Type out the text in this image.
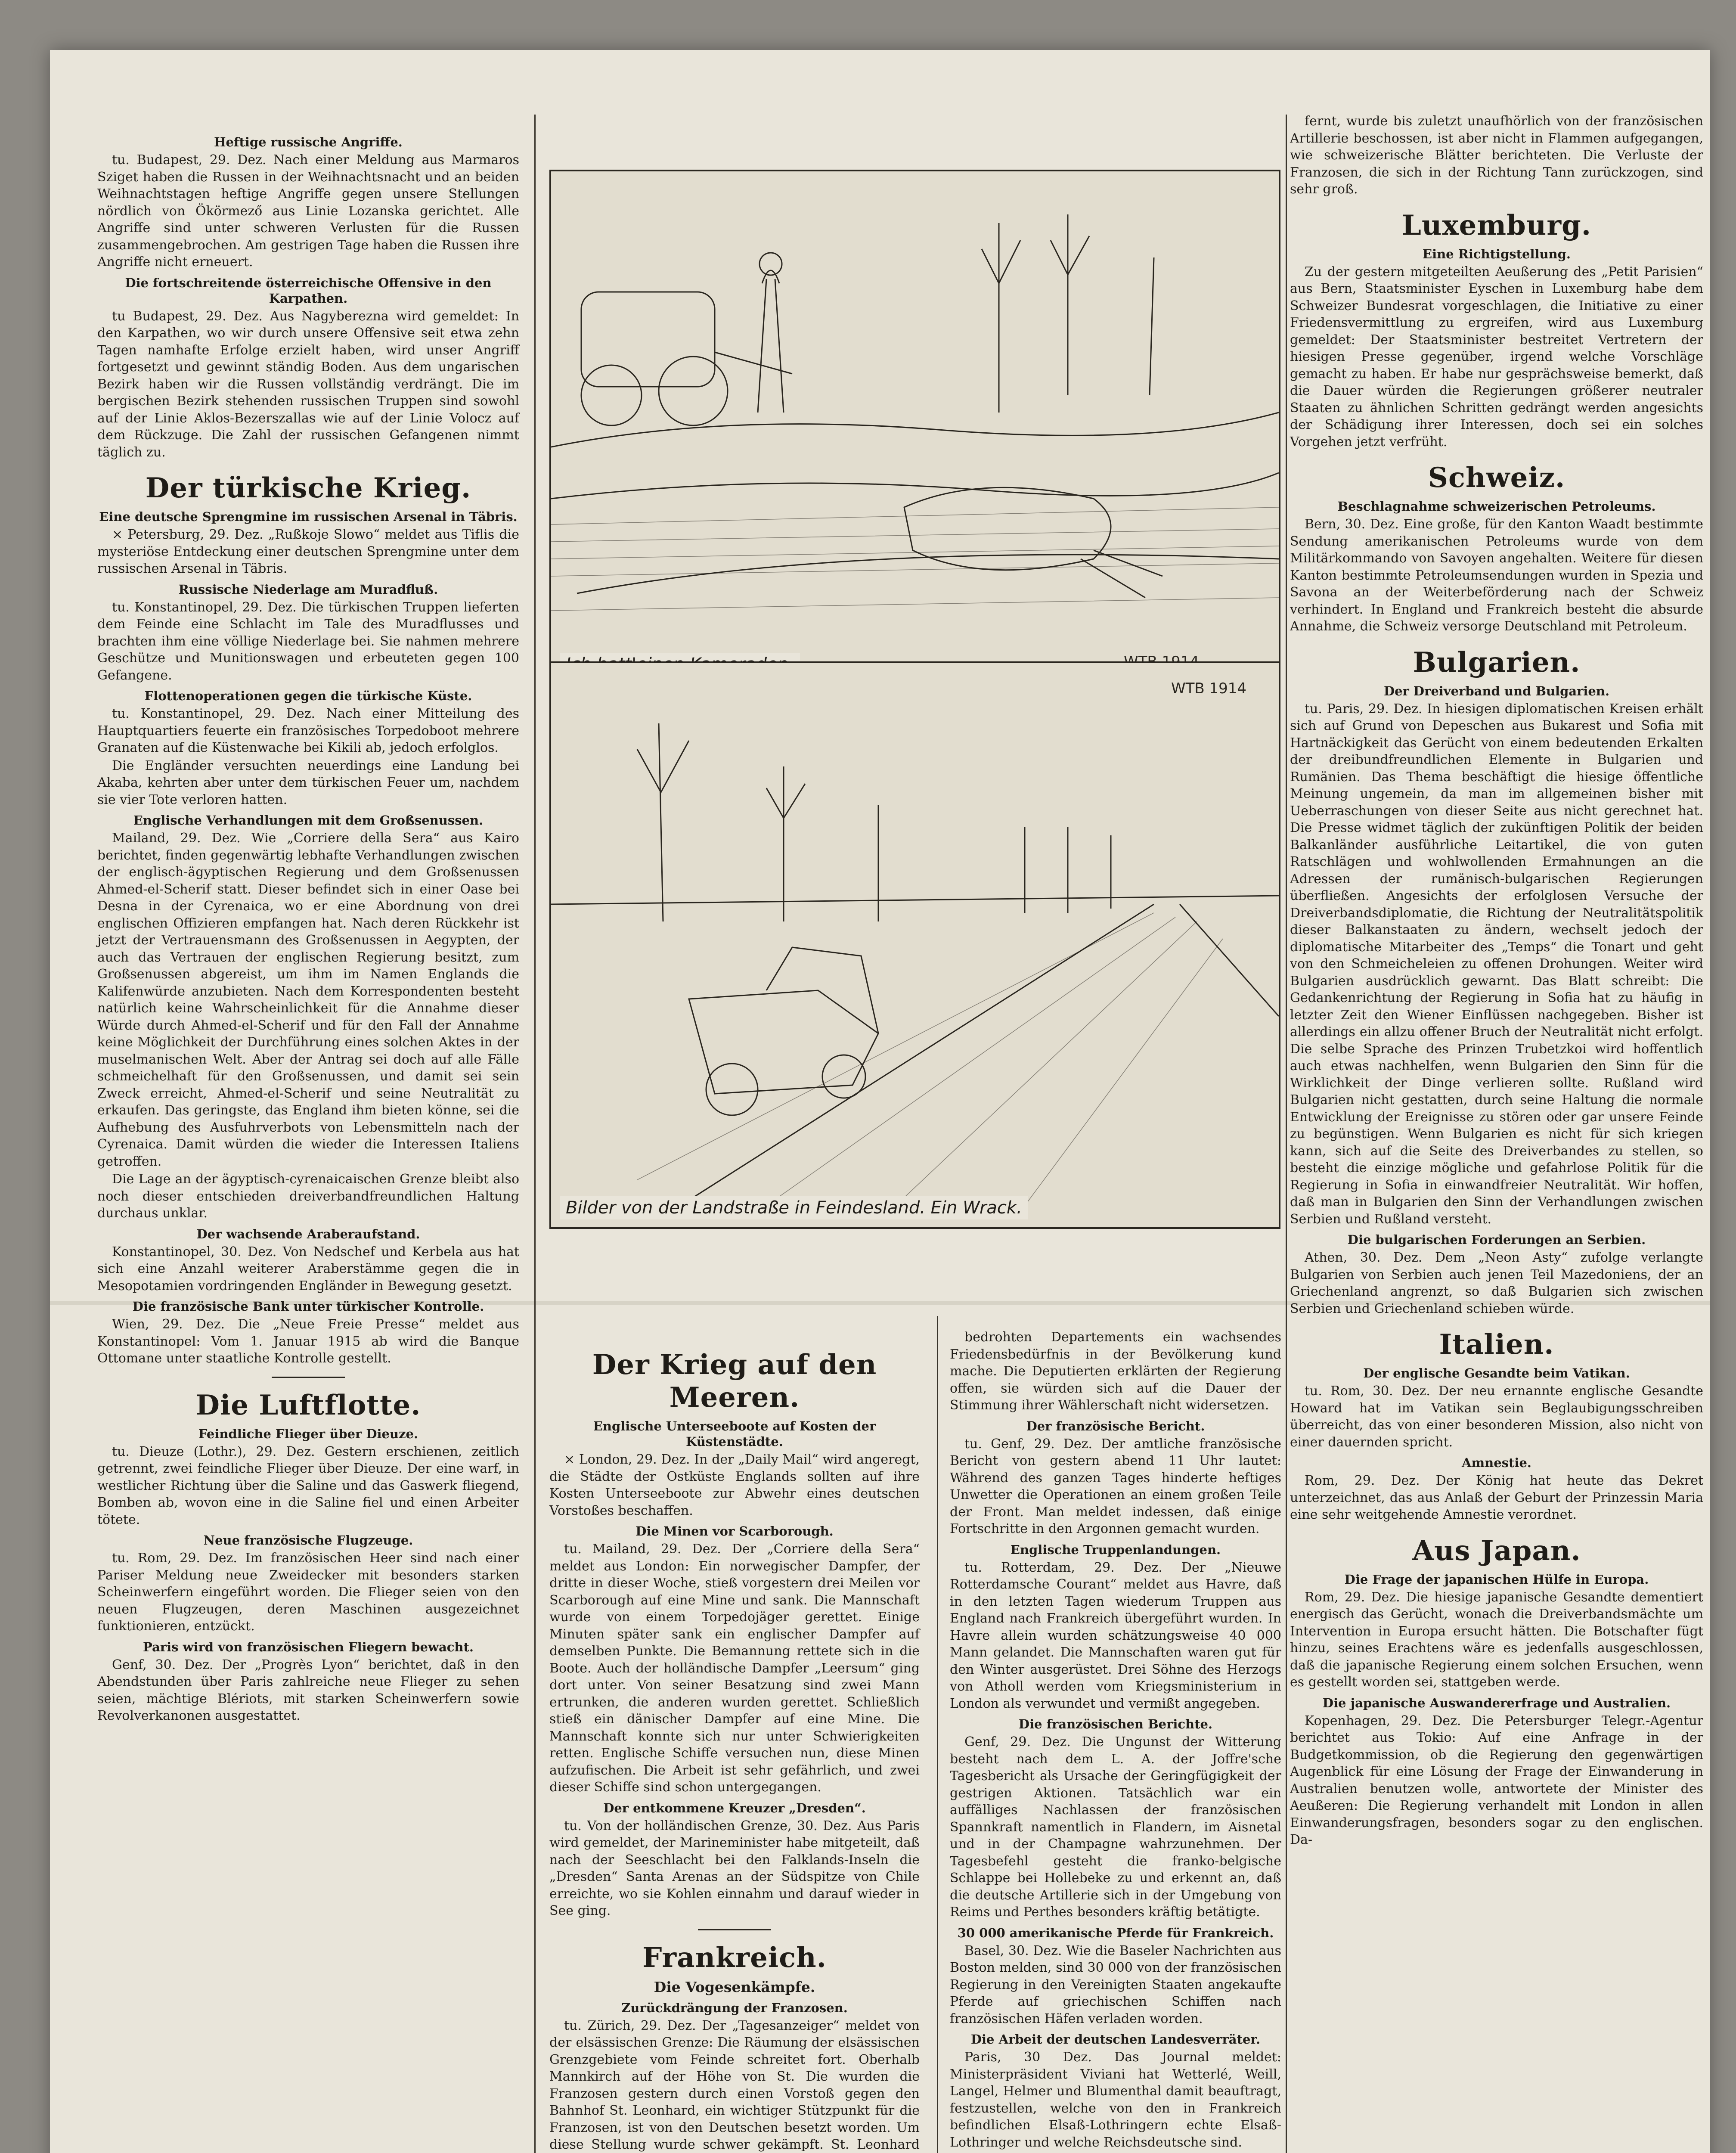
Heftige russische Angriffe.

tu. Budapest, 29. Dez. Nach einer Meldung aus Marmaros Sziget haben die Russen in der Weihnachtsnacht und an beiden Weihnachtstagen heftige Angriffe gegen unsere Stellungen nördlich von Ökörmező aus Linie Lozanska gerichtet. Alle Angriffe sind unter schweren Verlusten für die Russen zusammengebrochen. Am gestrigen Tage haben die Russen ihre Angriffe nicht erneuert.

Die fortschreitende österreichische Offensive in den Karpathen.

tu Budapest, 29. Dez. Aus Nagyberezna wird gemeldet: In den Karpathen, wo wir durch unsere Offensive seit etwa zehn Tagen namhafte Erfolge erzielt haben, wird unser Angriff fortgesetzt und gewinnt ständig Boden. Aus dem ungarischen Bezirk haben wir die Russen vollständig verdrängt. Die im bergischen Bezirk stehenden russischen Truppen sind sowohl auf der Linie Aklos-Bezerszallas wie auf der Linie Volocz auf dem Rückzuge. Die Zahl der russischen Gefangenen nimmt täglich zu.

Der türkische Krieg.
Eine deutsche Sprengmine im russischen Arsenal in Täbris.

× Petersburg, 29. Dez. „Rußkoje Slowo“ meldet aus Tiflis die mysteriöse Entdeckung einer deutschen Sprengmine unter dem russischen Arsenal in Täbris.

Russische Niederlage am Muradfluß.

tu. Konstantinopel, 29. Dez. Die türkischen Truppen lieferten dem Feinde eine Schlacht im Tale des Muradflusses und brachten ihm eine völlige Niederlage bei. Sie nahmen mehrere Geschütze und Munitionswagen und erbeuteten gegen 100 Gefangene.

Flottenoperationen gegen die türkische Küste.

tu. Konstantinopel, 29. Dez. Nach einer Mitteilung des Hauptquartiers feuerte ein französisches Torpedoboot mehrere Granaten auf die Küstenwache bei Kikili ab, jedoch erfolglos.

Die Engländer versuchten neuerdings eine Landung bei Akaba, kehrten aber unter dem türkischen Feuer um, nachdem sie vier Tote verloren hatten.

Englische Verhandlungen mit dem Großsenussen.

Mailand, 29. Dez. Wie „Corriere della Sera“ aus Kairo berichtet, finden gegenwärtig lebhafte Verhandlungen zwischen der englisch-ägyptischen Regierung und dem Großsenussen Ahmed-el-Scherif statt. Dieser befindet sich in einer Oase bei Desna in der Cyrenaica, wo er eine Abordnung von drei englischen Offizieren empfangen hat. Nach deren Rückkehr ist jetzt der Vertrauensmann des Großsenussen in Aegypten, der auch das Vertrauen der englischen Regierung besitzt, zum Großsenussen abgereist, um ihm im Namen Englands die Kalifenwürde anzubieten. Nach dem Korrespondenten besteht natürlich keine Wahrscheinlichkeit für die Annahme dieser Würde durch Ahmed-el-Scherif und für den Fall der Annahme keine Möglichkeit der Durchführung eines solchen Aktes in der muselmanischen Welt. Aber der Antrag sei doch auf alle Fälle schmeichelhaft für den Großsenussen, und damit sei sein Zweck erreicht, Ahmed-el-Scherif und seine Neutralität zu erkaufen. Das geringste, das England ihm bieten könne, sei die Aufhebung des Ausfuhrverbots von Lebensmitteln nach der Cyrenaica. Damit würden die wieder die Interessen Italiens getroffen.

Die Lage an der ägyptisch-cyrenaicaischen Grenze bleibt also noch dieser entschieden dreiverbandfreundlichen Haltung durchaus unklar.

Der wachsende Araberaufstand.

Konstantinopel, 30. Dez. Von Nedschef und Kerbela aus hat sich eine Anzahl weiterer Araberstämme gegen die in Mesopotamien vordringenden Engländer in Bewegung gesetzt.

Die französische Bank unter türkischer Kontrolle.

Wien, 29. Dez. Die „Neue Freie Presse“ meldet aus Konstantinopel: Vom 1. Januar 1915 ab wird die Banque Ottomane unter staatliche Kontrolle gestellt.

Die Luftflotte.
Feindliche Flieger über Dieuze.

tu. Dieuze (Lothr.), 29. Dez. Gestern erschienen, zeitlich getrennt, zwei feindliche Flieger über Dieuze. Der eine warf, in westlicher Richtung über die Saline und das Gaswerk fliegend, Bomben ab, wovon eine in die Saline fiel und einen Arbeiter tötete.

Neue französische Flugzeuge.

tu. Rom, 29. Dez. Im französischen Heer sind nach einer Pariser Meldung neue Zweidecker mit besonders starken Scheinwerfern eingeführt worden. Die Flieger seien von den neuen Flugzeugen, deren Maschinen ausgezeichnet funktionieren, entzückt.

Paris wird von französischen Fliegern bewacht.

Genf, 30. Dez. Der „Progrès Lyon“ berichtet, daß in den Abendstunden über Paris zahlreiche neue Flieger zu sehen seien, mächtige Blériots, mit starken Scheinwerfern sowie Revolverkanonen ausgestattet.

WTB 1914
Bilder von der Landstraße in Feindesland. Ein Wrack.
Der Krieg auf den Meeren.
Englische Unterseeboote auf Kosten der Küstenstädte.

× London, 29. Dez. In der „Daily Mail“ wird angeregt, die Städte der Ostküste Englands sollten auf ihre Kosten Unterseeboote zur Abwehr eines deutschen Vorstoßes beschaffen.

Die Minen vor Scarborough.

tu. Mailand, 29. Dez. Der „Corriere della Sera“ meldet aus London: Ein norwegischer Dampfer, der dritte in dieser Woche, stieß vorgestern drei Meilen vor Scarborough auf eine Mine und sank. Die Mannschaft wurde von einem Torpedojäger gerettet. Einige Minuten später sank ein englischer Dampfer auf demselben Punkte. Die Bemannung rettete sich in die Boote. Auch der holländische Dampfer „Leersum“ ging dort unter. Von seiner Besatzung sind zwei Mann ertrunken, die anderen wurden gerettet. Schließlich stieß ein dänischer Dampfer auf eine Mine. Die Mannschaft konnte sich nur unter Schwierigkeiten retten. Englische Schiffe versuchen nun, diese Minen aufzufischen. Die Arbeit ist sehr gefährlich, und zwei dieser Schiffe sind schon untergegangen.

Der entkommene Kreuzer „Dresden“.

tu. Von der holländischen Grenze, 30. Dez. Aus Paris wird gemeldet, der Marineminister habe mitgeteilt, daß nach der Seeschlacht bei den Falklands-Inseln die „Dresden“ Santa Arenas an der Südspitze von Chile erreichte, wo sie Kohlen einnahm und darauf wieder in See ging.

Frankreich.
Die Vogesenkämpfe.
Zurückdrängung der Franzosen.

tu. Zürich, 29. Dez. Der „Tagesanzeiger“ meldet von der elsässischen Grenze: Die Räumung der elsässischen Grenzgebiete vom Feinde schreitet fort. Oberhalb Mannkirch auf der Höhe von St. Die wurden die Franzosen gestern durch einen Vorstoß gegen den Bahnhof St. Leonhard, ein wichtiger Stützpunkt für die Franzosen, ist von den Deutschen besetzt worden. Um diese Stellung wurde schwer gekämpft. St. Leonhard

bedrohten Departements ein wachsendes Friedensbedürfnis in der Bevölkerung kund mache. Die Deputierten erklärten der Regierung offen, sie würden sich auf die Dauer der Stimmung ihrer Wählerschaft nicht widersetzen.

Der französische Bericht.

tu. Genf, 29. Dez. Der amtliche französische Bericht von gestern abend 11 Uhr lautet: Während des ganzen Tages hinderte heftiges Unwetter die Operationen an einem großen Teile der Front. Man meldet indessen, daß einige Fortschritte in den Argonnen gemacht wurden.

Englische Truppenlandungen.

tu. Rotterdam, 29. Dez. Der „Nieuwe Rotterdamsche Courant“ meldet aus Havre, daß in den letzten Tagen wiederum Truppen aus England nach Frankreich übergeführt wurden. In Havre allein wurden schätzungsweise 40 000 Mann gelandet. Die Mannschaften waren gut für den Winter ausgerüstet. Drei Söhne des Herzogs von Atholl werden vom Kriegsministerium in London als verwundet und vermißt angegeben.

Die französischen Berichte.

Genf, 29. Dez. Die Ungunst der Witterung besteht nach dem L. A. der Joffre'sche Tagesbericht als Ursache der Geringfügigkeit der gestrigen Aktionen. Tatsächlich war ein auffälliges Nachlassen der französischen Spannkraft namentlich in Flandern, im Aisnetal und in der Champagne wahrzunehmen. Der Tagesbefehl gesteht die franko-belgische Schlappe bei Hollebeke zu und erkennt an, daß die deutsche Artillerie sich in der Umgebung von Reims und Perthes besonders kräftig betätigte.

30 000 amerikanische Pferde für Frankreich.

Basel, 30. Dez. Wie die Baseler Nachrichten aus Boston melden, sind 30 000 von der französischen Regierung in den Vereinigten Staaten angekaufte Pferde auf griechischen Schiffen nach französischen Häfen verladen worden.

Die Arbeit der deutschen Landesverräter.

Paris, 30 Dez. Das Journal meldet: Ministerpräsident Viviani hat Wetterlé, Weill, Langel, Helmer und Blumenthal damit beauftragt, festzustellen, welche von den in Frankreich befindlichen Elsaß-Lothringern echte Elsaß-Lothringer und welche Reichsdeutsche sind.

fernt, wurde bis zuletzt unaufhörlich von der französischen Artillerie beschossen, ist aber nicht in Flammen aufgegangen, wie schweizerische Blätter berichteten. Die Verluste der Franzosen, die sich in der Richtung Tann zurückzogen, sind sehr groß.

Luxemburg.
Eine Richtigstellung.

Zu der gestern mitgeteilten Aeußerung des „Petit Parisien“ aus Bern, Staatsminister Eyschen in Luxemburg habe dem Schweizer Bundesrat vorgeschlagen, die Initiative zu einer Friedensvermittlung zu ergreifen, wird aus Luxemburg gemeldet: Der Staatsminister bestreitet Vertretern der hiesigen Presse gegenüber, irgend welche Vorschläge gemacht zu haben. Er habe nur gesprächsweise bemerkt, daß die Dauer würden die Regierungen größerer neutraler Staaten zu ähnlichen Schritten gedrängt werden angesichts der Schädigung ihrer Interessen, doch sei ein solches Vorgehen jetzt verfrüht.

Schweiz.
Beschlagnahme schweizerischen Petroleums.

Bern, 30. Dez. Eine große, für den Kanton Waadt bestimmte Sendung amerikanischen Petroleums wurde von dem Militärkommando von Savoyen angehalten. Weitere für diesen Kanton bestimmte Petroleumsendungen wurden in Spezia und Savona an der Weiterbeförderung nach der Schweiz verhindert. In England und Frankreich besteht die absurde Annahme, die Schweiz versorge Deutschland mit Petroleum.

Bulgarien.
Der Dreiverband und Bulgarien.

tu. Paris, 29. Dez. In hiesigen diplomatischen Kreisen erhält sich auf Grund von Depeschen aus Bukarest und Sofia mit Hartnäckigkeit das Gerücht von einem bedeutenden Erkalten der dreibundfreundlichen Elemente in Bulgarien und Rumänien. Das Thema beschäftigt die hiesige öffentliche Meinung ungemein, da man im allgemeinen bisher mit Ueberraschungen von dieser Seite aus nicht gerechnet hat. Die Presse widmet täglich der zukünftigen Politik der beiden Balkanländer ausführliche Leitartikel, die von guten Ratschlägen und wohlwollenden Ermahnungen an die Adressen der rumänisch-bulgarischen Regierungen überfließen. Angesichts der erfolglosen Versuche der Dreiverbandsdiplomatie, die Richtung der Neutralitätspolitik dieser Balkanstaaten zu ändern, wechselt jedoch der diplomatische Mitarbeiter des „Temps“ die Tonart und geht von den Schmeicheleien zu offenen Drohungen. Weiter wird Bulgarien ausdrücklich gewarnt. Das Blatt schreibt: Die Gedankenrichtung der Regierung in Sofia hat zu häufig in letzter Zeit den Wiener Einflüssen nachgegeben. Bisher ist allerdings ein allzu offener Bruch der Neutralität nicht erfolgt. Die selbe Sprache des Prinzen Trubetzkoi wird hoffentlich auch etwas nachhelfen, wenn Bulgarien den Sinn für die Wirklichkeit der Dinge verlieren sollte. Rußland wird Bulgarien nicht gestatten, durch seine Haltung die normale Entwicklung der Ereignisse zu stören oder gar unsere Feinde zu begünstigen. Wenn Bulgarien es nicht für sich kriegen kann, sich auf die Seite des Dreiverbandes zu stellen, so besteht die einzige mögliche und gefahrlose Politik für die Regierung in Sofia in einwandfreier Neutralität. Wir hoffen, daß man in Bulgarien den Sinn der Verhandlungen zwischen Serbien und Rußland versteht.

Die bulgarischen Forderungen an Serbien.

Athen, 30. Dez. Dem „Neon Asty“ zufolge verlangte Bulgarien von Serbien auch jenen Teil Mazedoniens, der an Griechenland angrenzt, so daß Bulgarien sich zwischen Serbien und Griechenland schieben würde.

Italien.
Der englische Gesandte beim Vatikan.

tu. Rom, 30. Dez. Der neu ernannte englische Gesandte Howard hat im Vatikan sein Beglaubigungsschreiben überreicht, das von einer besonderen Mission, also nicht von einer dauernden spricht.

Amnestie.

Rom, 29. Dez. Der König hat heute das Dekret unterzeichnet, das aus Anlaß der Geburt der Prinzessin Maria eine sehr weitgehende Amnestie verordnet.

Aus Japan.
Die Frage der japanischen Hülfe in Europa.

Rom, 29. Dez. Die hiesige japanische Gesandte dementiert energisch das Gerücht, wonach die Dreiverbandsmächte um Intervention in Europa ersucht hätten. Die Botschafter fügt hinzu, seines Erachtens wäre es jedenfalls ausgeschlossen, daß die japanische Regierung einem solchen Ersuchen, wenn es gestellt worden sei, stattgeben werde.

Die japanische Auswandererfrage und Australien.

Kopenhagen, 29. Dez. Die Petersburger Telegr.-Agentur berichtet aus Tokio: Auf eine Anfrage in der Budgetkommission, ob die Regierung den gegenwärtigen Augenblick für eine Lösung der Frage der Einwanderung in Australien benutzen wolle, antwortete der Minister des Aeußeren: Die Regierung verhandelt mit London in allen Einwanderungsfragen, besonders sogar zu den englischen. Da-
